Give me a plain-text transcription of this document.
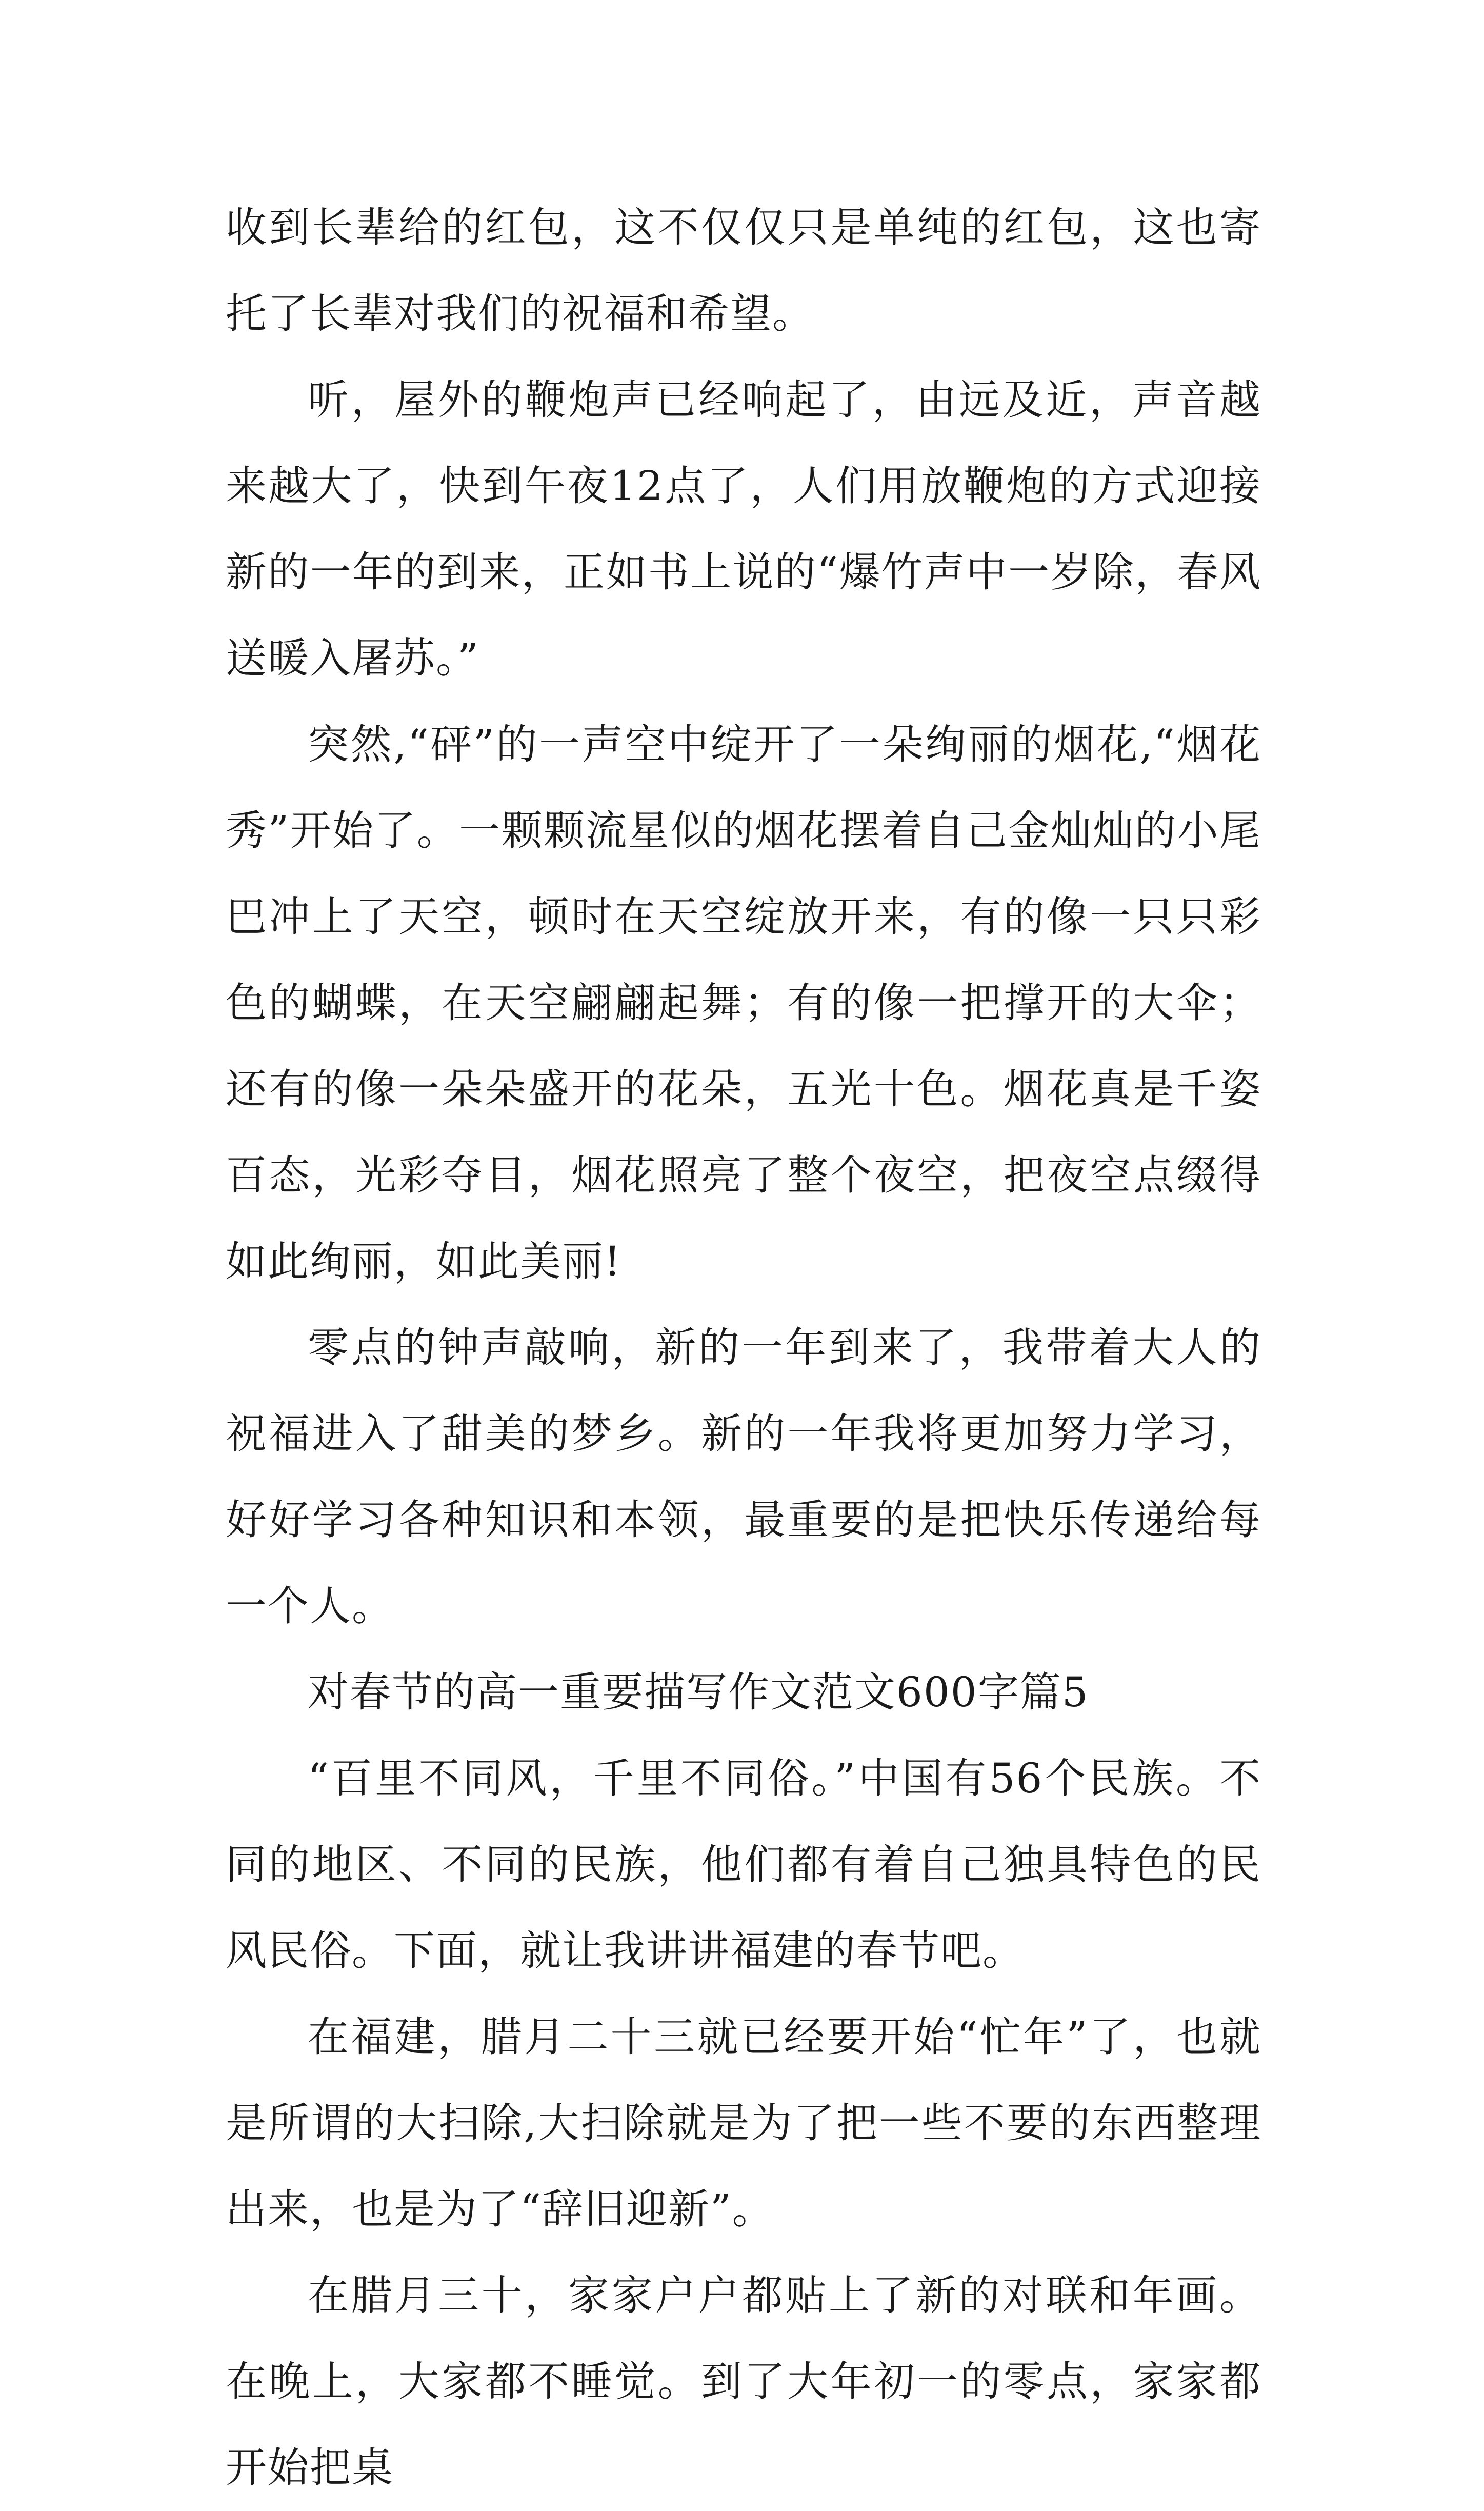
收到长辈给的红包，这不仅仅只是单纯的红包，这也寄托了长辈对我们的祝福和希望。

听，屋外的鞭炮声已经响起了，由远及近，声音越来越大了，快到午夜12点了，人们用放鞭炮的方式迎接新的一年的到来，正如书上说的“爆竹声中一岁除，春风送暖入屠苏。”

突然,“砰”的一声空中绽开了一朵绚丽的烟花,“烟花秀”开始了。一颗颗流星似的烟花摆着自己金灿灿的小尾巴冲上了天空，顿时在天空绽放开来，有的像一只只彩色的蝴蝶，在天空翩翩起舞；有的像一把撑开的大伞；还有的像一朵朵盛开的花朵，五光十色。烟花真是千姿百态，光彩夺目，烟花照亮了整个夜空，把夜空点缀得如此绚丽，如此美丽!

零点的钟声敲响，新的一年到来了，我带着大人的祝福进入了甜美的梦乡。新的一年我将更加努力学习，好好学习各种知识和本领，最重要的是把快乐传递给每一个人。

对春节的高一重要描写作文范文600字篇5

“百里不同风，千里不同俗。”中国有56个民族。不同的地区、不同的民族，他们都有着自己独具特色的民风民俗。下面，就让我讲讲福建的春节吧。

在福建，腊月二十三就已经要开始“忙年”了，也就是所谓的大扫除,大扫除就是为了把一些不要的东西整理出来，也是为了“辞旧迎新”。

在腊月三十，家家户户都贴上了新的对联和年画。在晚上，大家都不睡觉。到了大年初一的零点，家家都开始把桌
